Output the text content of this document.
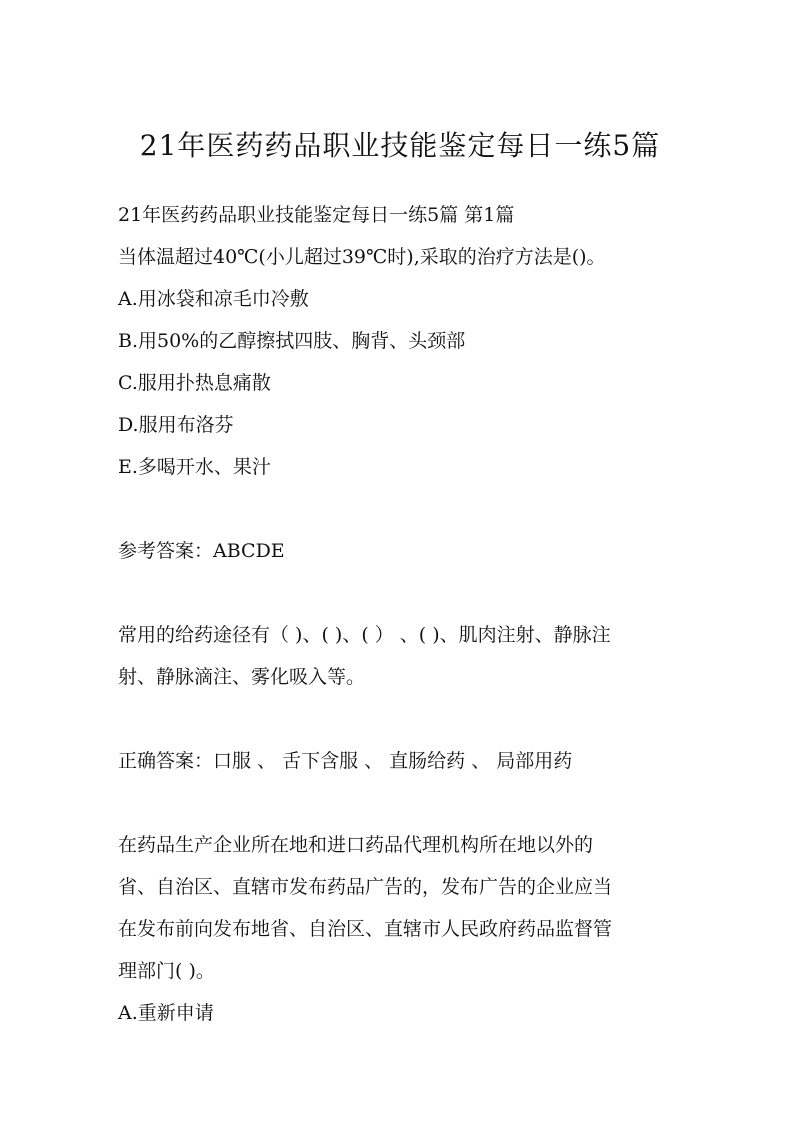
21年医药药品职业技能鉴定每日一练5篇
21年医药药品职业技能鉴定每日一练5篇 第1篇
当体温超过40℃(小儿超过39℃时),采取的治疗方法是()。
A.用冰袋和凉毛巾冷敷
B.用50%的乙醇擦拭四肢、胸背、头颈部
C.服用扑热息痛散
D.服用布洛芬
E.多喝开水、果汁
参考答案：ABCDE
常用的给药途径有（ )、( )、( ） 、( )、肌肉注射、静脉注
射、静脉滴注、雾化吸入等。
正确答案：口服 、 舌下含服 、 直肠给药 、 局部用药
在药品生产企业所在地和进口药品代理机构所在地以外的
省、自治区、直辖市发布药品广告的，发布广告的企业应当
在发布前向发布地省、自治区、直辖市人民政府药品监督管
理部门( )。
A.重新申请
